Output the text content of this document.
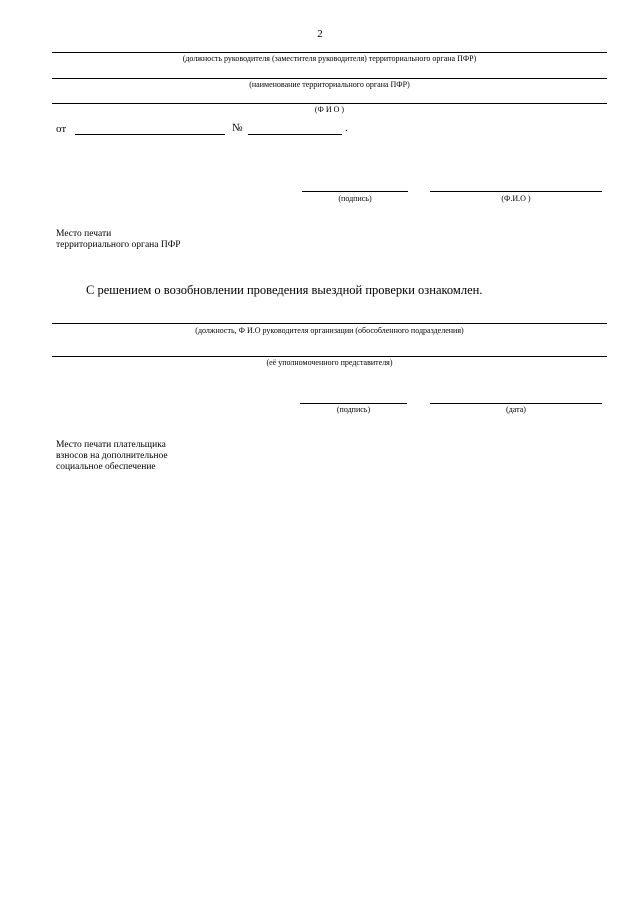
2
(должность руководителя (заместителя руководителя) территориального органа ПФР)
(наименование территориального органа ПФР)
(Ф И О )
от	№	.
(подпись)	(Ф.И.О )
Место печати
территориального органа ПФР
С решением о возобновлении проведения выездной проверки ознакомлен.
(должность, Ф И.О руководителя организации (обособленного подразделения)
(её уполномоченного представителя)
(подпись)	(дата)
Место печати плательщика
взносов на дополнительное
социальное обеспечение
